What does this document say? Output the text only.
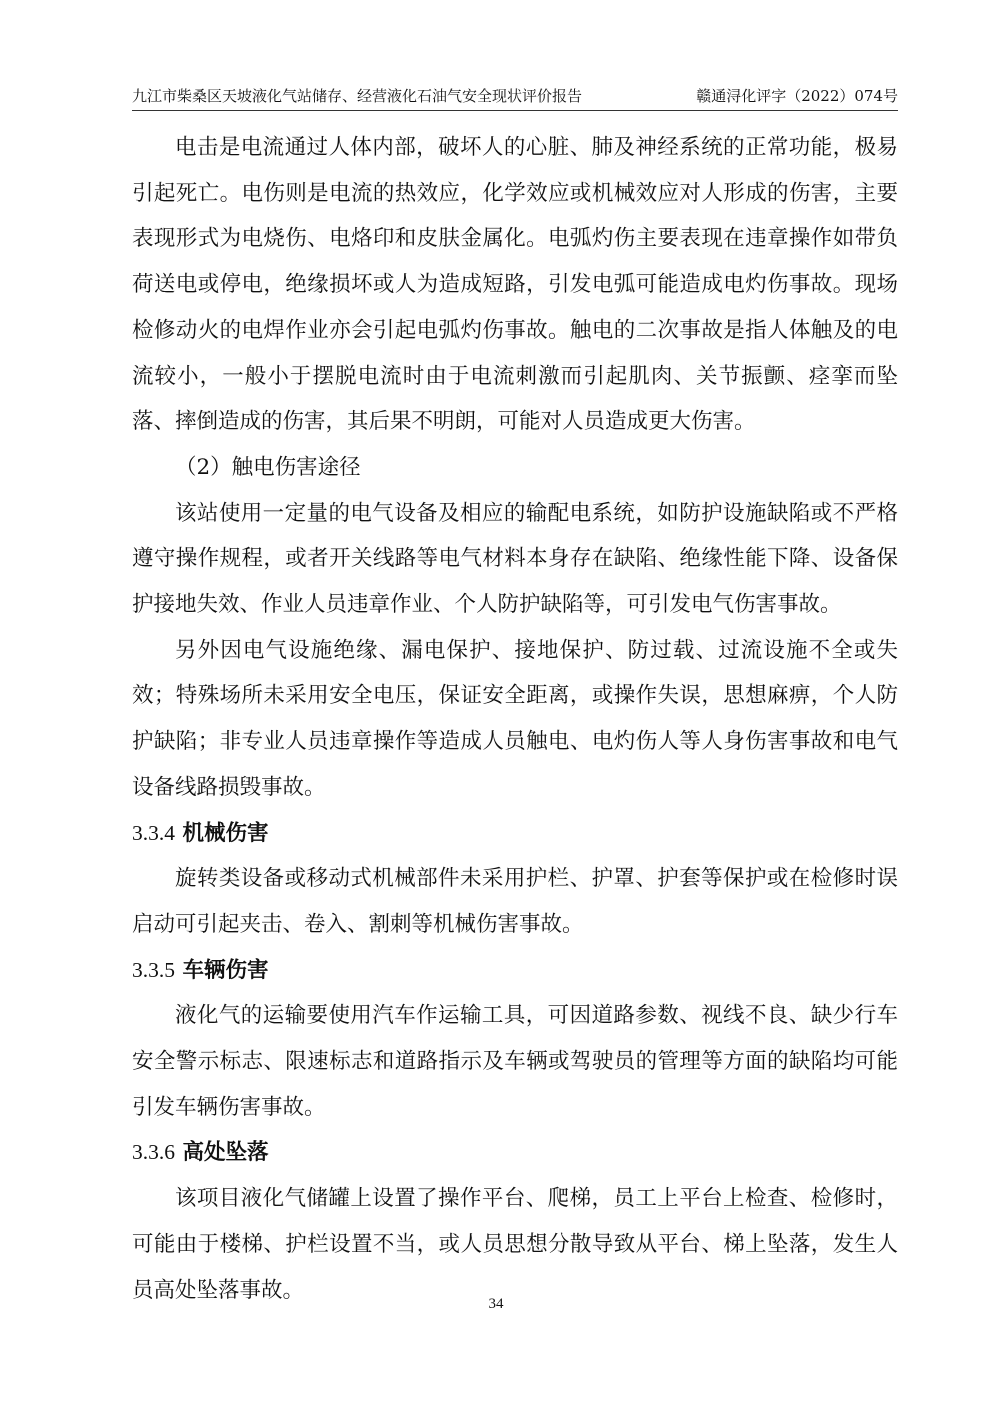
九江市柴桑区天坡液化气站储存、经营液化石油气安全现状评价报告	赣通浔化评字（2022）074号

电击是电流通过人体内部，破坏人的心脏、肺及神经系统的正常功能，极易引起死亡。电伤则是电流的热效应，化学效应或机械效应对人形成的伤害，主要表现形式为电烧伤、电烙印和皮肤金属化。电弧灼伤主要表现在违章操作如带负荷送电或停电，绝缘损坏或人为造成短路，引发电弧可能造成电灼伤事故。现场检修动火的电焊作业亦会引起电弧灼伤事故。触电的二次事故是指人体触及的电流较小，一般小于摆脱电流时由于电流刺激而引起肌肉、关节振颤、痉挛而坠落、摔倒造成的伤害，其后果不明朗，可能对人员造成更大伤害。

（2）触电伤害途径

该站使用一定量的电气设备及相应的输配电系统，如防护设施缺陷或不严格遵守操作规程，或者开关线路等电气材料本身存在缺陷、绝缘性能下降、设备保护接地失效、作业人员违章作业、个人防护缺陷等，可引发电气伤害事故。

另外因电气设施绝缘、漏电保护、接地保护、防过载、过流设施不全或失效；特殊场所未采用安全电压，保证安全距离，或操作失误，思想麻痹，个人防护缺陷；非专业人员违章操作等造成人员触电、电灼伤人等人身伤害事故和电气设备线路损毁事故。

3.3.4 机械伤害

旋转类设备或移动式机械部件未采用护栏、护罩、护套等保护或在检修时误启动可引起夹击、卷入、割刺等机械伤害事故。

3.3.5 车辆伤害

液化气的运输要使用汽车作运输工具，可因道路参数、视线不良、缺少行车安全警示标志、限速标志和道路指示及车辆或驾驶员的管理等方面的缺陷均可能引发车辆伤害事故。

3.3.6 高处坠落

该项目液化气储罐上设置了操作平台、爬梯，员工上平台上检查、检修时，可能由于楼梯、护栏设置不当，或人员思想分散导致从平台、梯上坠落，发生人员高处坠落事故。

34
